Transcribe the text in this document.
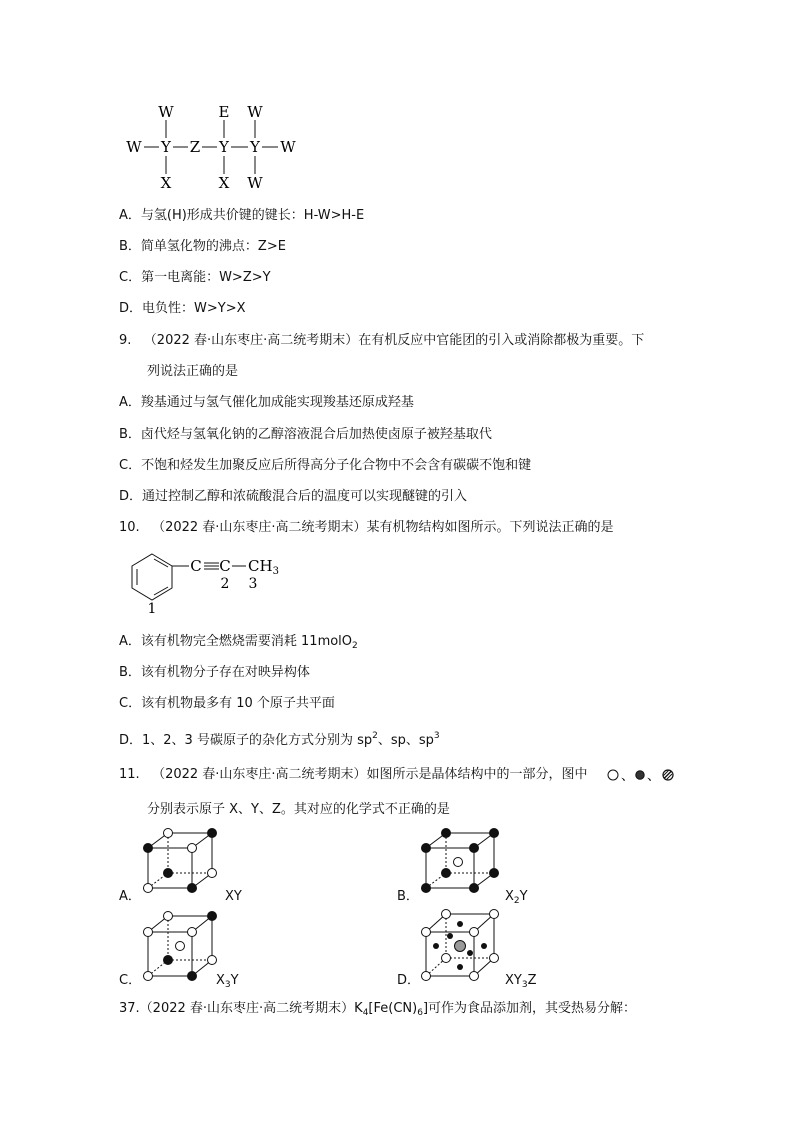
W	E W
W Y Z Y Y W
X	X W
A．与氢(H)形成共价键的键长：H-W>H-E
B．简单氢化物的沸点：Z>E
C．第一电离能：W>Z>Y
D．电负性：W>Y>X
9.   （2022 春·山东枣庄·高二统考期末）在有机反应中官能团的引入或消除都极为重要。下
列说法正确的是
A．羧基通过与氢气催化加成能实现羧基还原成羟基
B．卤代烃与氢氧化钠的乙醇溶液混合后加热使卤原子被羟基取代
C．不饱和烃发生加聚反应后所得高分子化合物中不会含有碳碳不饱和键
D．通过控制乙醇和浓硫酸混合后的温度可以实现醚键的引入
10.   （2022 春·山东枣庄·高二统考期末）某有机物结构如图所示。下列说法正确的是
C C $CH_3$
2 3
1
A．该有机物完全燃烧需要消耗 11molO$_2$
B．该有机物分子存在对映异构体
C．该有机物最多有 10 个原子共平面
D．1、2、3 号碳原子的杂化方式分别为 $sp^2$、sp、$sp^3$
11.   （2022 春·山东枣庄·高二统考期末）如图所示是晶体结构中的一部分，图中	、 、
分别表示原子 X、Y、Z。其对应的化学式不正确的是
A．	XY	B．	$X_2Y$
C．	$X_3Y$	D．	$XY_3Z$
37.（2022 春·山东枣庄·高二统考期末）$K_4[Fe(CN)_6]$可作为食品添加剂，其受热易分解：
